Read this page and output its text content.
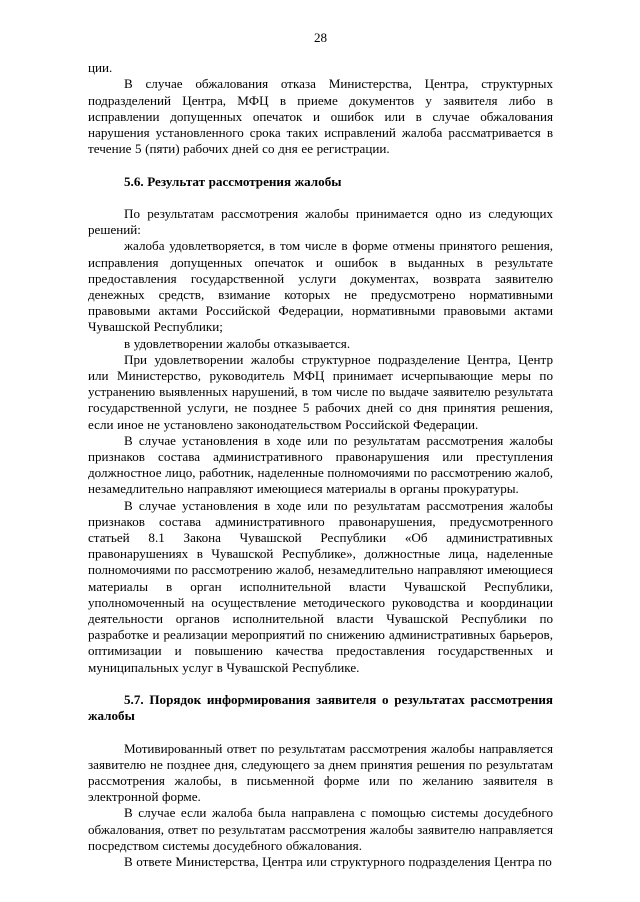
28

ции.

В случае обжалования отказа Министерства, Центра, структурных подразделений Центра, МФЦ в приеме документов у заявителя либо в исправлении допущенных опечаток и ошибок или в случае обжалования нарушения установленного срока таких исправлений жалоба рассматривается в течение 5 (пяти) рабочих дней со дня ее регистрации.

5.6. Результат рассмотрения жалобы

По результатам рассмотрения жалобы принимается одно из следующих решений:

жалоба удовлетворяется, в том числе в форме отмены принятого решения, исправления допущенных опечаток и ошибок в выданных в результате предоставления государственной услуги документах, возврата заявителю денежных средств, взимание которых не предусмотрено нормативными правовыми актами Российской Федерации, нормативными правовыми актами Чувашской Республики;

в удовлетворении жалобы отказывается.

При удовлетворении жалобы структурное подразделение Центра, Центр или Министерство, руководитель МФЦ принимает исчерпывающие меры по устранению выявленных нарушений, в том числе по выдаче заявителю результата государственной услуги, не позднее 5 рабочих дней со дня принятия решения, если иное не установлено законодательством Российской Федерации.

В случае установления в ходе или по результатам рассмотрения жалобы признаков состава административного правонарушения или преступления должностное лицо, работник, наделенные полномочиями по рассмотрению жалоб, незамедлительно направляют имеющиеся материалы в органы прокуратуры.

В случае установления в ходе или по результатам рассмотрения жалобы признаков состава административного правонарушения, предусмотренного статьей 8.1 Закона Чувашской Республики «Об административных правонарушениях в Чувашской Республике», должностные лица, наделенные полномочиями по рассмотрению жалоб, незамедлительно направляют имеющиеся материалы в орган исполнительной власти Чувашской Республики, уполномоченный на осуществление методического руководства и координации деятельности органов исполнительной власти Чувашской Республики по разработке и реализации мероприятий по снижению административных барьеров, оптимизации и повышению качества предоставления государственных и муниципальных услуг в Чувашской Республике.

5.7. Порядок информирования заявителя о результатах рассмотрения жалобы

Мотивированный ответ по результатам рассмотрения жалобы направляется заявителю не позднее дня, следующего за днем принятия решения по результатам рассмотрения жалобы, в письменной форме или по желанию заявителя в электронной форме.

В случае если жалоба была направлена с помощью системы досудебного обжалования, ответ по результатам рассмотрения жалобы заявителю направляется посредством системы досудебного обжалования.

В ответе Министерства, Центра или структурного подразделения Центра по
